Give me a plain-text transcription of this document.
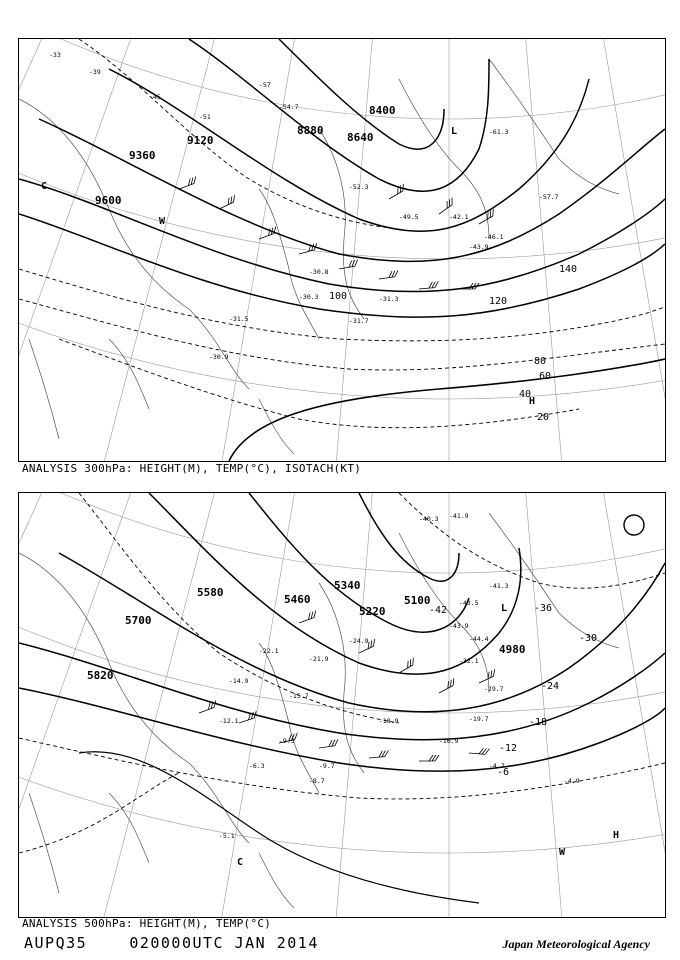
9600
9360
9120
8880
8640
8400
20
40
60
80
100	120
140
-33
-39
-45
-51
-57
-30.9
-31.5
-30.3
-31.7
-30.8
-31.3
-42.1
-43.9
-46.1
-49.5
-52.3
-54.7
-61.3
-57.7
H
L
C
W
ANALYSIS 300hPa: HEIGHT(M), TEMP(°C), ISOTACH(KT)
5820
5700
5580
5460
5340
5220
5100
4980
-6
-12
-18
-24
-30
-36
-42
-41.3
-43.5
-43.9
-44.4
-40.3 -41.9
-32.1
-29.7
-24.9
-21.9
-22.1
-19.7
-18.9
-16.9
-15.7
-14.9
-12.1
-9.5
-9.7
-8.7
-6.3
-5.1
-4.7
-4.9
H
L
C
W
ANALYSIS 500hPa: HEIGHT(M), TEMP(°C)
AUPQ35	020000UTC JAN 2014	Japan Meteorological Agency
